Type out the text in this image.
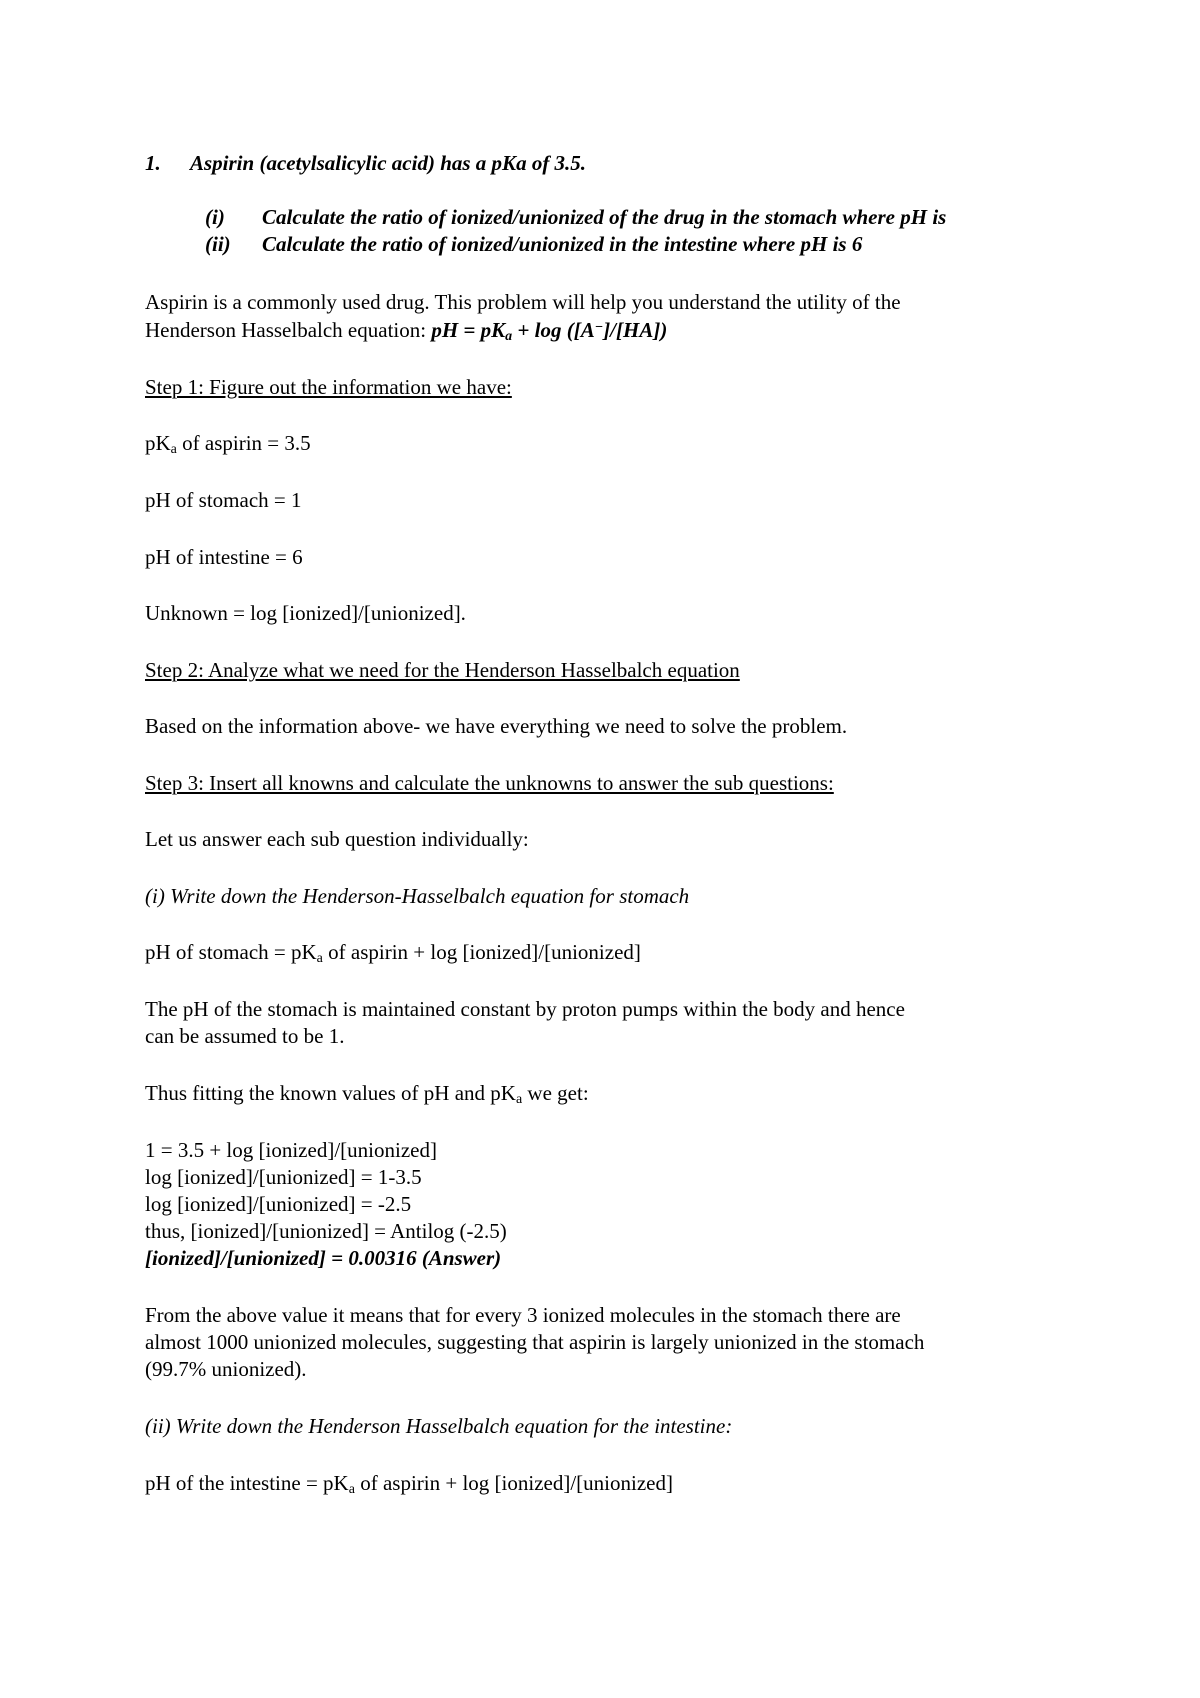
1. Aspirin (acetylsalicylic acid) has a pKa of 3.5.
(i) Calculate the ratio of ionized/unionized of the drug in the stomach where pH is
(ii) Calculate the ratio of ionized/unionized in the intestine where pH is 6
Aspirin is a commonly used drug. This problem will help you understand the utility of the
Henderson Hasselbalch equation: pH = $pK_a + \log ([A^-]/[HA])$
Step 1: Figure out the information we have:
$pK_a$ of aspirin = 3.5
pH of stomach = 1
pH of intestine = 6
Unknown = log [ionized]/[unionized].
Step 2: Analyze what we need for the Henderson Hasselbalch equation
Based on the information above- we have everything we need to solve the problem.
Step 3: Insert all knowns and calculate the unknowns to answer the sub questions:
Let us answer each sub question individually:
(i) Write down the Henderson-Hasselbalch equation for stomach
pH of stomach = $pK_a$ of aspirin + log [ionized]/[unionized]
The pH of the stomach is maintained constant by proton pumps within the body and hence
can be assumed to be 1.
Thus fitting the known values of pH and $pK_a$ we get:
1 = 3.5 + log [ionized]/[unionized]
log [ionized]/[unionized] = 1-3.5
log [ionized]/[unionized] = -2.5
thus, [ionized]/[unionized] = Antilog (-2.5)
[ionized]/[unionized] = 0.00316 (Answer)
From the above value it means that for every 3 ionized molecules in the stomach there are
almost 1000 unionized molecules, suggesting that aspirin is largely unionized in the stomach
(99.7% unionized).
(ii) Write down the Henderson Hasselbalch equation for the intestine:
pH of the intestine = $pK_a$ of aspirin + log [ionized]/[unionized]
